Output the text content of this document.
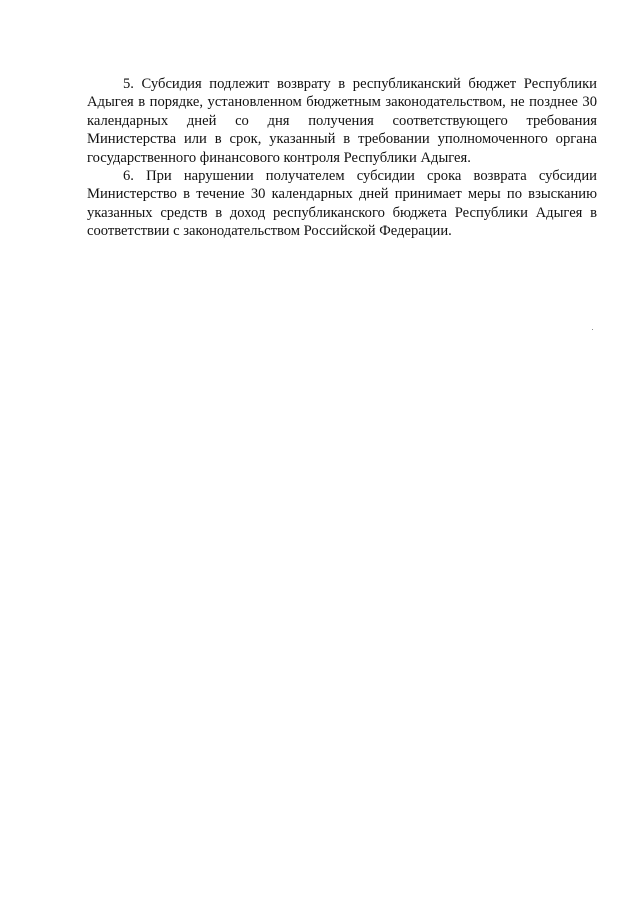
5. Субсидия подлежит возврату в республиканский бюджет Республики Адыгея в порядке, установленном бюджетным законодательством, не позднее 30 календарных дней со дня получения соответствующего требования Министерства или в срок, указанный в требовании уполномоченного органа государственного финансового контроля Республики Адыгея.

6. При нарушении получателем субсидии срока возврата субсидии Министерство в течение 30 календарных дней принимает меры по взысканию указанных средств в доход республиканского бюджета Республики Адыгея в соответствии с законодательством Российской Федерации.
